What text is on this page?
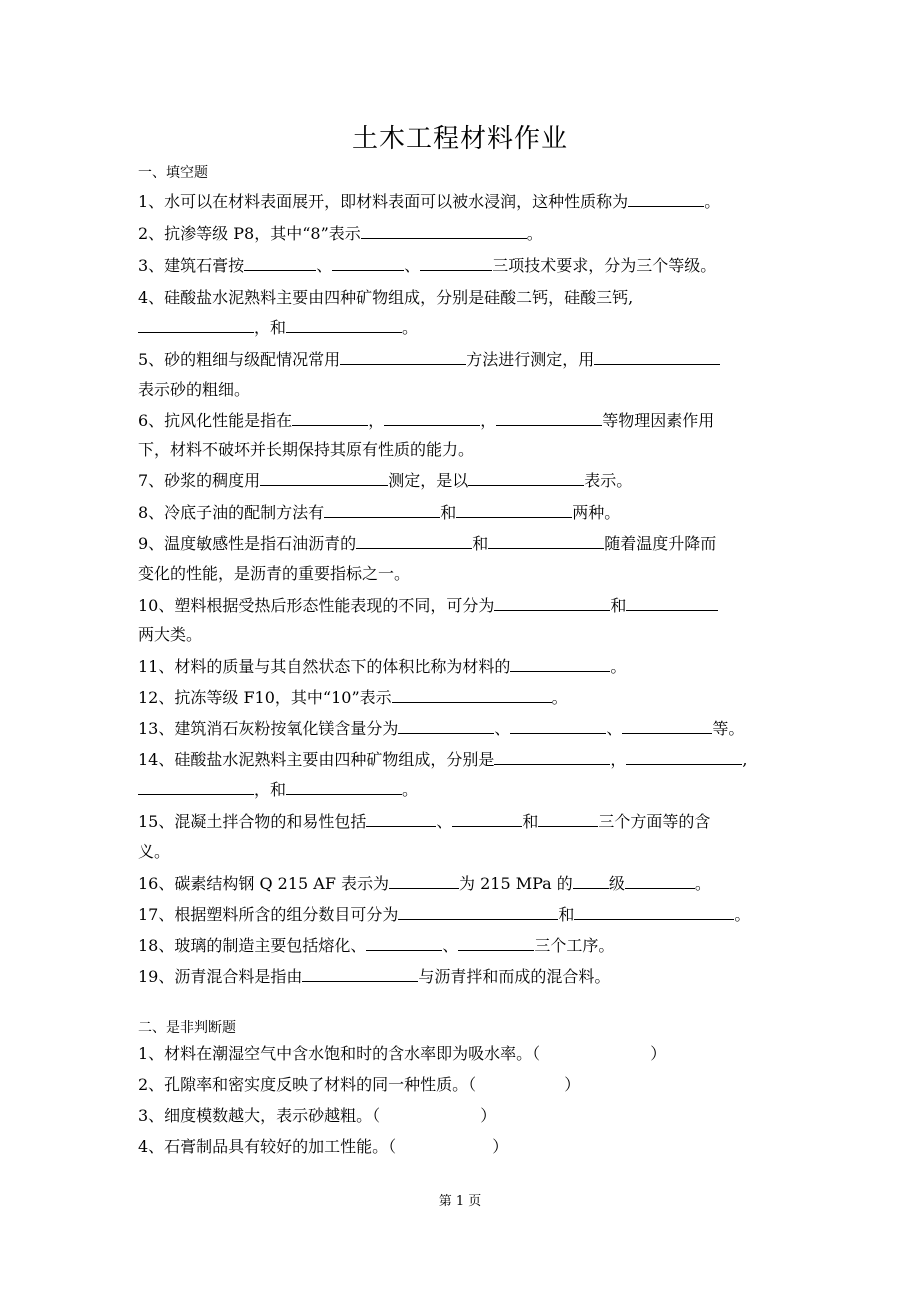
土木工程材料作业
一、填空题
1、水可以在材料表面展开，即材料表面可以被水浸润，这种性质称为	。
2、抗渗等级 P8，其中“8”表示	。
3、建筑石膏按	、	、	三项技术要求，分为三个等级。
4、硅酸盐水泥熟料主要由四种矿物组成，分别是硅酸二钙，硅酸三钙,
，和	。
5、砂的粗细与级配情况常用	方法进行测定，用
表示砂的粗细。
6、抗风化性能是指在	，	，	等物理因素作用
下，材料不破坏并长期保持其原有性质的能力。
7、砂浆的稠度用	测定，是以	表示。
8、冷底子油的配制方法有	和	两种。
9、温度敏感性是指石油沥青的	和	随着温度升降而
变化的性能，是沥青的重要指标之一。
10、塑料根据受热后形态性能表现的不同，可分为	和
两大类。
11、材料的质量与其自然状态下的体积比称为材料的	。
12、抗冻等级 F10，其中“10”表示	。
13、建筑消石灰粉按氧化镁含量分为	、	、	等。
14、硅酸盐水泥熟料主要由四种矿物组成，分别是	，	,
，和	。
15、混凝土拌合物的和易性包括	、	和	三个方面等的含
义。
16、碳素结构钢 Q 215 AF 表示为	为 215 MPa 的 级	。
17、根据塑料所含的组分数目可分为	和	。
18、玻璃的制造主要包括熔化、	、	三个工序。
19、沥青混合料是指由	与沥青拌和而成的混合料。
二、是非判断题
1、材料在潮湿空气中含水饱和时的含水率即为吸水率。（	）
2、孔隙率和密实度反映了材料的同一种性质。（	）
3、细度模数越大，表示砂越粗。（	）
4、石膏制品具有较好的加工性能。（	）
第 1 页
